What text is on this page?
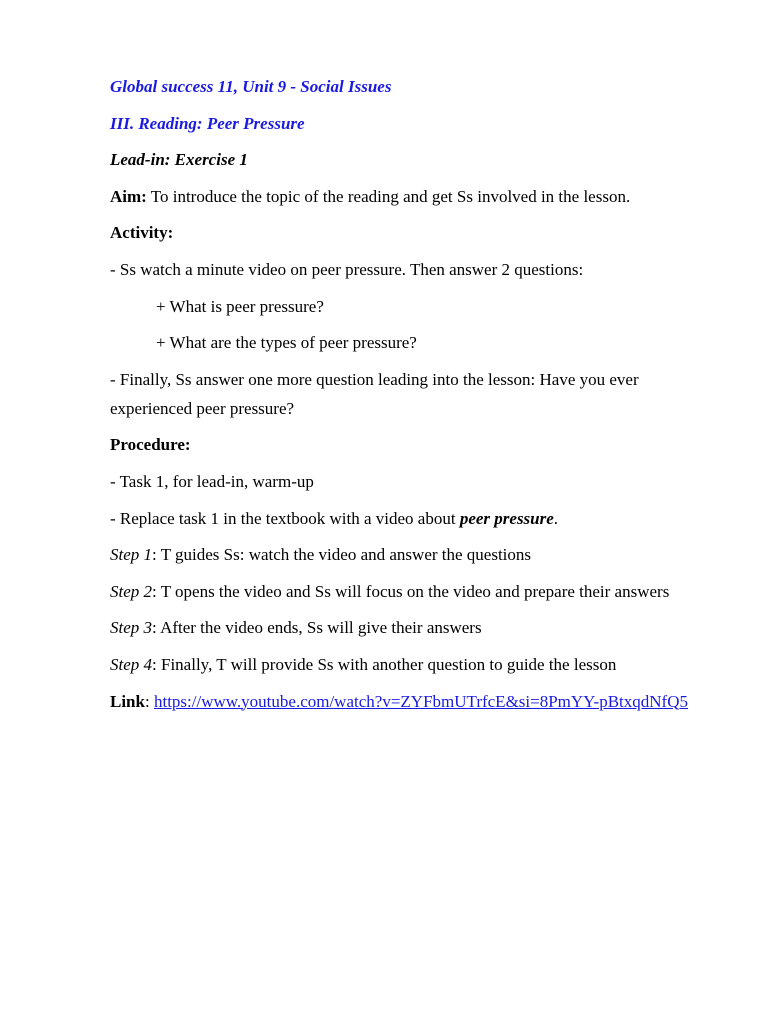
Global success 11, Unit 9 - Social Issues

III. Reading: Peer Pressure

Lead-in: Exercise 1

Aim: To introduce the topic of the reading and get Ss involved in the lesson.

Activity:

- Ss watch a minute video on peer pressure. Then answer 2 questions:

+ What is peer pressure?

+ What are the types of peer pressure?

- Finally, Ss answer one more question leading into the lesson: Have you ever experienced peer pressure?

Procedure:

- Task 1, for lead-in, warm-up

- Replace task 1 in the textbook with a video about peer pressure.

Step 1: T guides Ss: watch the video and answer the questions

Step 2: T opens the video and Ss will focus on the video and prepare their answers

Step 3: After the video ends, Ss will give their answers

Step 4: Finally, T will provide Ss with another question to guide the lesson

Link: https://www.youtube.com/watch?v=ZYFbmUTrfcE&si=8PmYY-pBtxqdNfQ5
